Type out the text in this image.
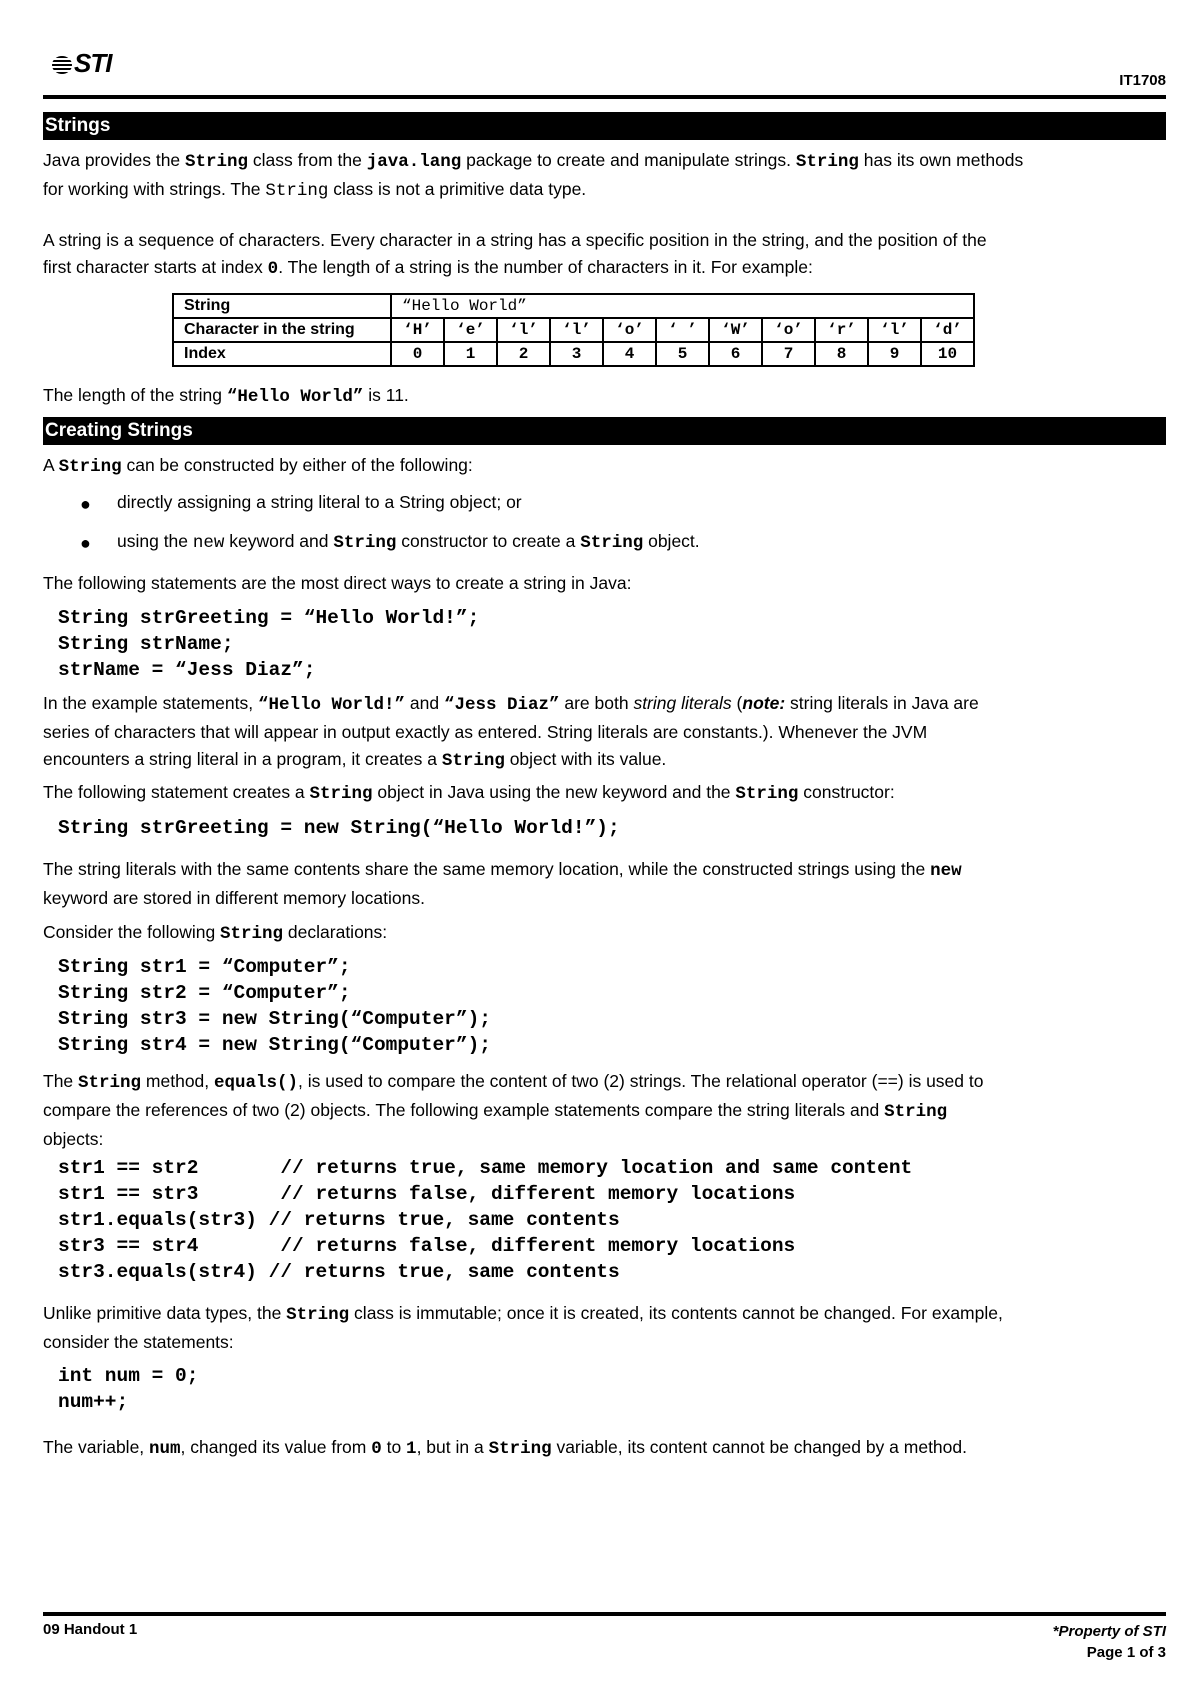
STI
IT1708
Strings
Java provides the String class from the java.lang package to create and manipulate strings. String has its own methods
for working with strings. The String class is not a primitive data type.
A string is a sequence of characters. Every character in a string has a specific position in the string, and the position of the
first character starts at index 0. The length of a string is the number of characters in it. For example:
String	“Hello World”										
Character in the string	‘H’	‘e’	‘l’	‘l’	‘o’	‘ ’	‘W’	‘o’	‘r’	‘l’	‘d’
Index	0	1	2	3	4	5	6	7	8	9	10
The length of the string “Hello World” is 11.
Creating Strings
A String can be constructed by either of the following:
● directly assigning a string literal to a String object; or
● using the new keyword and String constructor to create a String object.
The following statements are the most direct ways to create a string in Java:
String strGreeting = “Hello World!”;
String strName;
strName = “Jess Diaz”;
In the example statements, “Hello World!” and “Jess Diaz” are both string literals (note: string literals in Java are
series of characters that will appear in output exactly as entered. String literals are constants.). Whenever the JVM
encounters a string literal in a program, it creates a String object with its value.
The following statement creates a String object in Java using the new keyword and the String constructor:
String strGreeting = new String(“Hello World!”);
The string literals with the same contents share the same memory location, while the constructed strings using the new
keyword are stored in different memory locations.
Consider the following String declarations:
String str1 = “Computer”;
String str2 = “Computer”;
String str3 = new String(“Computer”);
String str4 = new String(“Computer”);
The String method, equals(), is used to compare the content of two (2) strings. The relational operator (==) is used to
compare the references of two (2) objects. The following example statements compare the string literals and String
objects:
str1 == str2       // returns true, same memory location and same content
str1 == str3       // returns false, different memory locations
str1.equals(str3) // returns true, same contents
str3 == str4       // returns false, different memory locations
str3.equals(str4) // returns true, same contents
Unlike primitive data types, the String class is immutable; once it is created, its contents cannot be changed. For example,
consider the statements:
int num = 0;
num++;
The variable, num, changed its value from 0 to 1, but in a String variable, its content cannot be changed by a method.
09 Handout 1	*Property of STI
Page 1 of 3
